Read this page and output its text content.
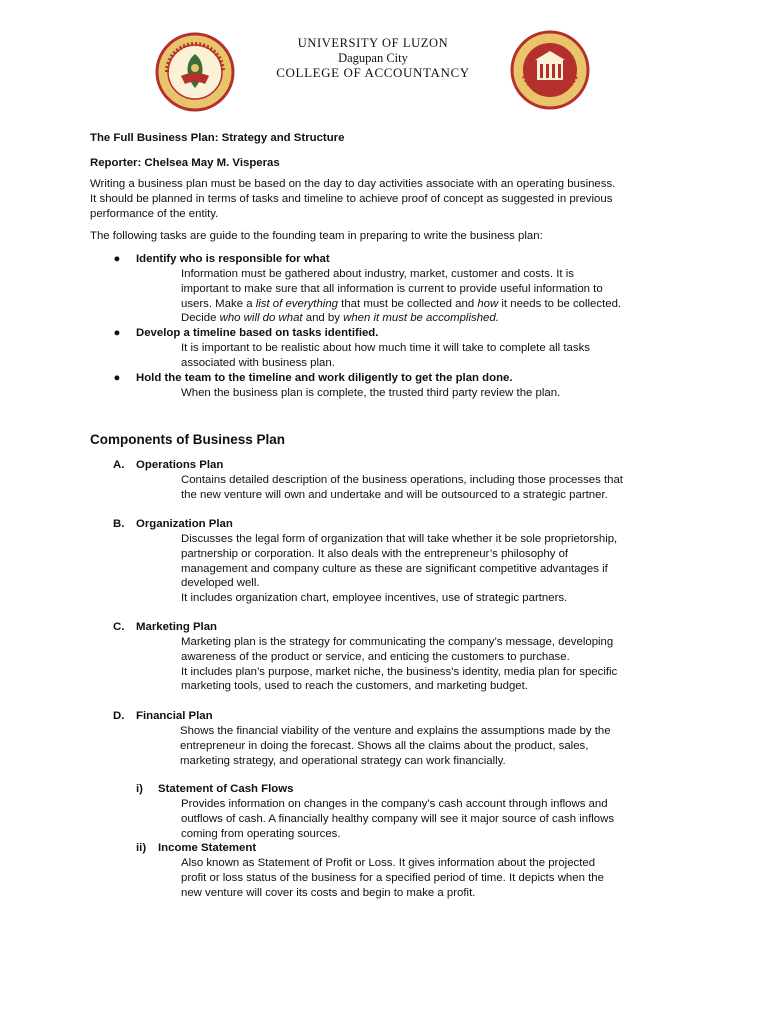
UNIVERSITY OF LUZON
Dagupan City
COLLEGE OF ACCOUNTANCY
The Full Business Plan: Strategy and Structure
Reporter: Chelsea May M. Visperas

Writing a business plan must be based on the day to day activities associate with an operating business.

It should be planned in terms of tasks and timeline to achieve proof of concept as suggested in previous

performance of the entity.

The following tasks are guide to the founding team in preparing to write the business plan:
● Identify who is responsible for what

Information must be gathered about industry, market, customer and costs. It is

important to make sure that all information is current to provide useful information to

users. Make a list of everything that must be collected and how it needs to be collected.

Decide who will do what and by when it must be accomplished.

● Develop a timeline based on tasks identified.

It is important to be realistic about how much time it will take to complete all tasks

associated with business plan.

● Hold the team to the timeline and work diligently to get the plan done.

When the business plan is complete, the trusted third party review the plan.

Components of Business Plan
A. Operations Plan

Contains detailed description of the business operations, including those processes that

the new venture will own and undertake and will be outsourced to a strategic partner.

B. Organization Plan

Discusses the legal form of organization that will take whether it be sole proprietorship,

partnership or corporation. It also deals with the entrepreneur’s philosophy of

management and company culture as these are significant competitive advantages if

developed well.

It includes organization chart, employee incentives, use of strategic partners.

C. Marketing Plan

Marketing plan is the strategy for communicating the company’s message, developing

awareness of the product or service, and enticing the customers to purchase.

It includes plan’s purpose, market niche, the business’s identity, media plan for specific

marketing tools, used to reach the customers, and marketing budget.

D. Financial Plan

Shows the financial viability of the venture and explains the assumptions made by the

entrepreneur in doing the forecast. Shows all the claims about the product, sales,

marketing strategy, and operational strategy can work financially.

i) Statement of Cash Flows

Provides information on changes in the company’s cash account through inflows and

outflows of cash. A financially healthy company will see it major source of cash inflows

coming from operating sources.

ii) Income Statement

Also known as Statement of Profit or Loss. It gives information about the projected

profit or loss status of the business for a specified period of time. It depicts when the

new venture will cover its costs and begin to make a profit.
